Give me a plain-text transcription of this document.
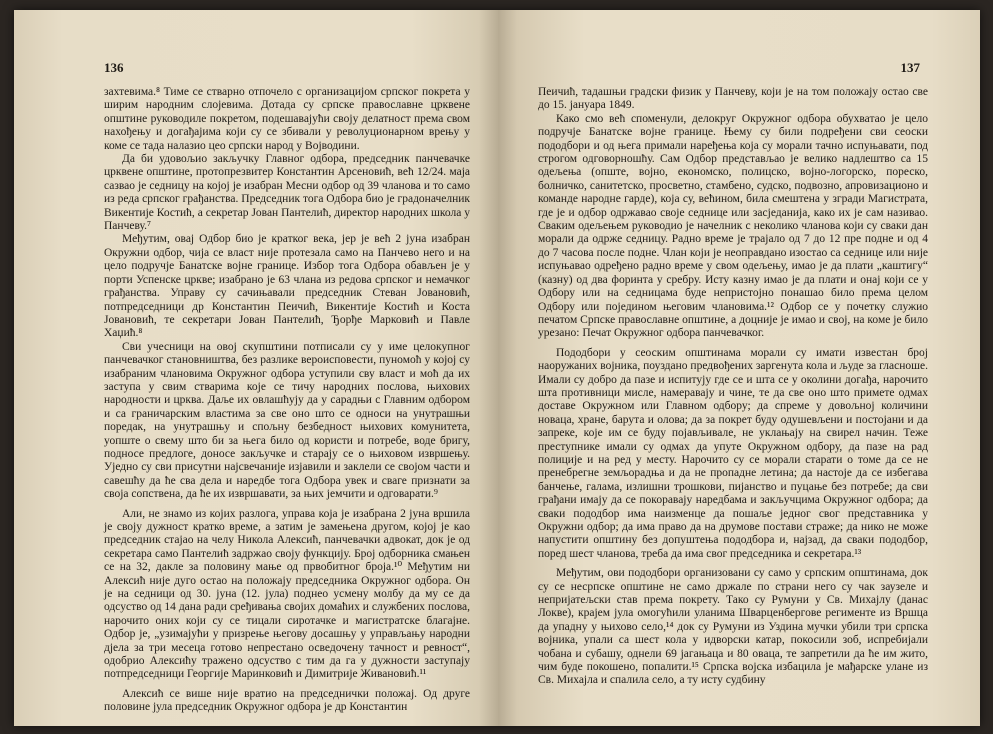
136

захтевима.⁸ Тиме се стварно отпочело с организацијом српског покрета у ширим народним слојевима. Дотада су српске православне црквене општине руководиле покретом, подешавајући своју делатност према свом нахођењу и догађајима који су се збивали у револуционарном врењу у коме се тада налазио цео српски народ у Војводини.

Да би удовољио закључку Главног одбора, председник панчевачке црквене општине, протопрезвитер Константин Арсеновић, већ 12/24. маја сазвао је седницу на којој је изабран Месни одбор од 39 чланова и то само из реда српског грађанства. Председник тога Одбора био је градоначелник Викентије Костић, а секретар Јован Пантелић, директор народних школа у Панчеву.⁷

Међутим, овај Одбор био је кратког века, јер је већ 2 јуна изабран Окружни одбор, чија се власт није протезала само на Панчево него и на цело подручје Банатске војне границе. Избор тога Одбора обављен је у порти Успенске цркве; изабрано је 63 члана из редова српског и немачког грађанства. Управу су сачињавали председник Стеван Јовановић, потпредседници др Константин Пеичић, Викентије Костић и Коста Јовановић, те секретари Јован Пантелић, Ђорђе Марковић и Павле Хаџић.⁸

Сви учесници на овој скупштини потписали су у име целокупног панчевачког становништва, без разлике вероисповести, пуномоћ у којој су изабраним члановима Окружног одбора уступили сву власт и моћ да их заступа у свим стварима које се тичу народних послова, њихових народности и црква. Даље их овлашћују да у сарадњи с Главним одбором и са граничарским властима за све оно што се односи на унутрашњи поредак, на унутрашњу и спољну безбедност њихових комунитета, уопште о свему што би за њега било од користи и потребе, воде бригу, подносе предлоге, доносе закључке и старају се о њиховом извршењу. Уједно су сви присутни најсвечаније изјавили и заклели се својом части и савешћу да ће сва дела и наредбе тога Одбора увек и сваге признати за своја сопствена, да ће их извршавати, за њих јемчити и одговарати.⁹

Али, не знамо из којих разлога, управа која је изабрана 2 јуна вршила је своју дужност кратко време, а затим је замењена другом, којој је као председник стајао на челу Никола Алексић, панчевачки адвокат, док је од секретара само Пантелић задржао своју функцију. Број одборника смањен се на 32, дакле за половину мање од првобитног броја.¹⁰ Међутим ни Алексић није дуго остао на положају председника Окружног одбора. Он је на седници од 30. јуна (12. јула) поднео усмену молбу да му се да одсуство од 14 дана ради сређивања својих домаћих и службених послова, нарочито оних који су се тицали сиротачке и магистратске благајне. Одбор је, „узимајући у призрење његову досашњу у управљању народни дјела за три месеца готово непрестано осведочену тачност и ревност“, одобрио Алексићу тражено одсуство с тим да га у дужности заступају потпредседници Георгије Маринковић и Димитрије Живановић.¹¹

Алексић се више није вратио на председнички положај. Од друге половине јула председник Окружног одбора је др Константин

137

Пеичић, тадашњи градски физик у Панчеву, који је на том положају остао све до 15. јануара 1849.

Како смо већ споменули, делокруг Окружног одбора обухватао је цело подручје Банатске војне границе. Њему су били подређени сви сеоски пододбори и од њега примали наређења која су морали тачно испуњавати, под строгом одговорношћу. Сам Одбор представљао је велико надлештво са 15 одељења (опште, војно, економско, полицско, војно-логорско, пореско, болничко, санитетско, просветно, стамбено, судско, подвозно, апровизационо и команде народне гарде), која су, већином, била смештена у згради Магистрата, где је и одбор одржавао своје седнице или засједанија, како их је сам називао. Сваким одељењем руководио је начелник с неколико чланова који су сваки дан морали да одрже седницу. Радно време је трајало од 7 до 12 пре подне и од 4 до 7 часова после подне. Члан који је неоправдано изостао са седнице или није испуњавао одређено радно време у свом одељењу, имао је да плати „каштигу“ (казну) од два форинта у сребру. Исту казну имао је да плати и онај који се у Одбору или на седницама буде непристојно понашао било према целом Одбору или поједином његовим члановима.¹² Одбор се у почетку служио печатом Српске православне општине, а доцније је имао и свој, на коме је било урезано: Печат Окружног одбора панчевачког.

Пододбори у сеоским општинама морали су имати известан број наоружаних војника, поуздано предвођених заргенута кола и људе за гласноше. Имали су добро да пазе и испитују где се и шта се у околини догађа, нарочито шта противници мисле, намеравају и чине, те да све оно што примете одмах доставе Окружном или Главном одбору; да спреме у довољној количини новаца, хране, барута и олова; да за покрет буду одушевљени и постојани и да запреке, које им се буду појављивале, не уклањају на свирел начин. Теже преступнике имали су одмах да упуте Окружном одбору, да пазе на рад полиције и на ред у месту. Нарочито су се морали старати о томе да се не пренебрегне земљорадња и да не пропадне летина; да настоје да се избегава банчење, галама, излишни трошкови, пијанство и пуцање без потребе; да сви грађани имају да се покоравају наредбама и закључцима Окружног одбора; да сваки пододбор има наизменце да пошаље једног свог представника у Окружни одбор; да има право да на друмове постави страже; да нико не може напустити општину без допуштења пододбора и, најзад, да сваки пододбор, поред шест чланова, треба да има свог председника и секретара.¹³

Међутим, ови пододбори организовани су само у српским општинама, док су се несрпске општине не само држале по страни него су чак заузеле и непријатељски став према покрету. Тако су Румуни у Св. Михајлу (данас Локве), крајем јула омогућили уланима Шварценбергове регименте из Вршца да упадну у њихово село,¹⁴ док су Румуни из Уздина мучки убили три српска војника, упали са шест кола у идворски катар, покосили зоб, испребијали чобана и субашу, однели 69 јагањаца и 80 оваца, те запретили да ће им жито, чим буде покошено, попалити.¹⁵ Српска војска избацила је мађарске улане из Св. Михајла и спалила село, а ту исту судбину
